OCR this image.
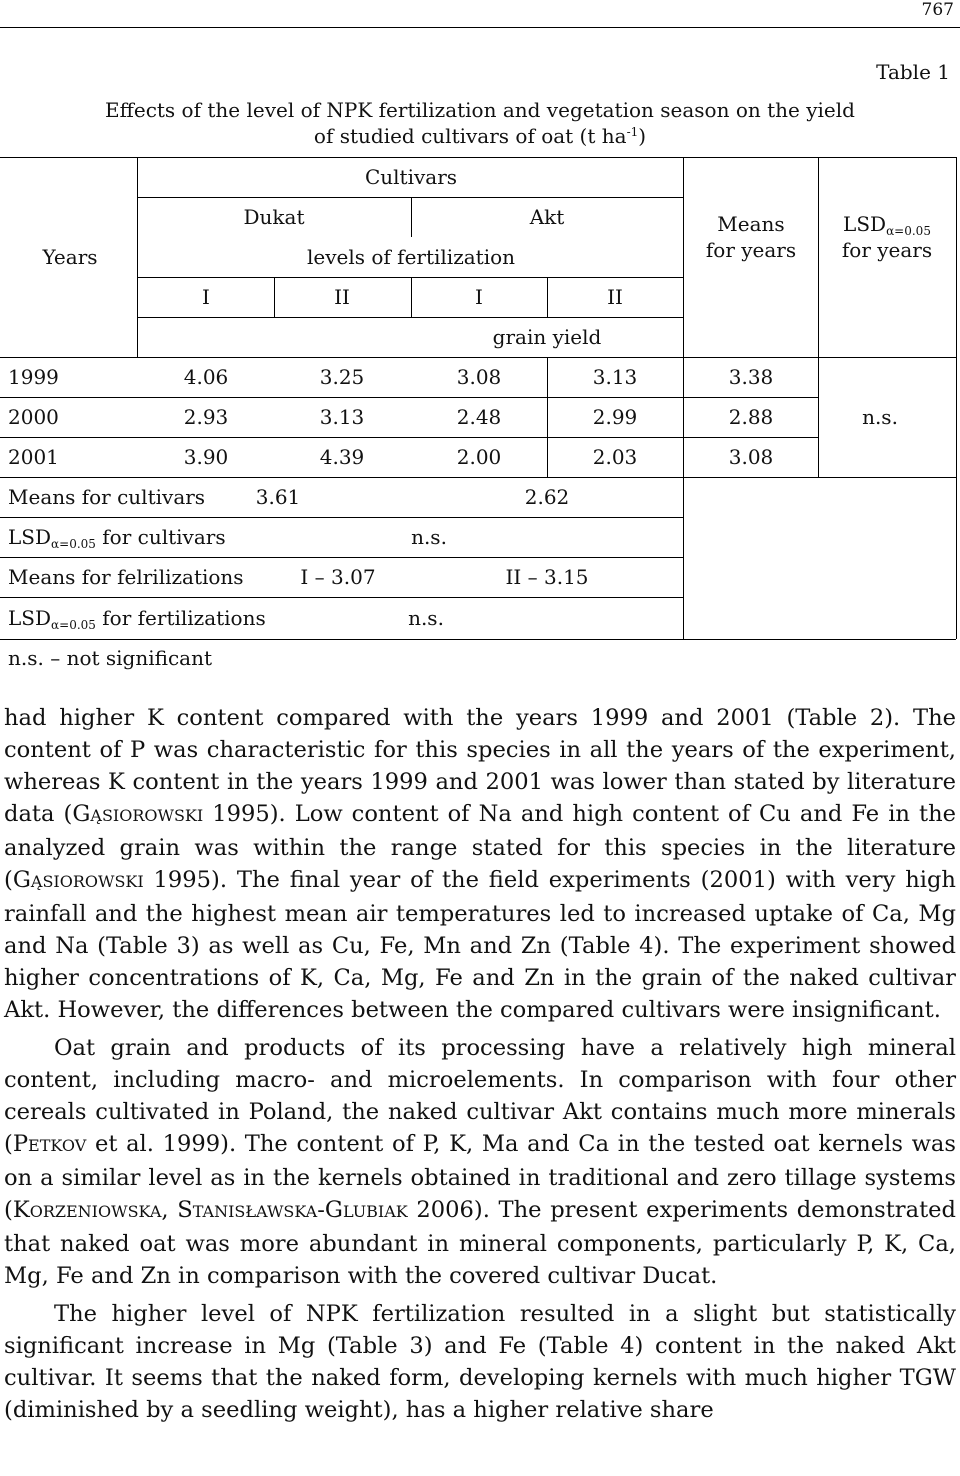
767
Table 1
Effects of the level of NPK fertilization and vegetation season on the yield
of studied cultivars of oat (t $ha^{-1}$)
Years
Cultivars
Dukat	Akt
levels of fertilization
Means
for years
$LSD_{\alpha=0.05}$
for years
I	II	I	II
grain yield
1999	4.06	3.25	3.08	3.13	3.38
2000	2.93	3.13	2.48	2.99	2.88
2001	3.90	4.39	2.00	2.03	3.08
n.s.
Means for cultivars	3.61	2.62
$LSD_{\alpha=0.05}$ for cultivars	n.s.
Means for felrilizations	I – 3.07	II – 3.15
$LSD_{\alpha=0.05}$ for fertilizations	n.s.
n.s. – not significant

had higher K content compared with the years 1999 and 2001 (Table 2). The content of P was characteristic for this species in all the years of the experiment, whereas K content in the years 1999 and 2001 was lower than stated by literature data (GĄSIOROWSKI 1995). Low content of Na and high content of Cu and Fe in the analyzed grain was within the range stated for this species in the literature (GĄSIOROWSKI 1995). The final year of the field experiments (2001) with very high rainfall and the highest mean air temperatures led to increased uptake of Ca, Mg and Na (Table 3) as well as Cu, Fe, Mn and Zn (Table 4). The experiment showed higher concentrations of K, Ca, Mg, Fe and Zn in the grain of the naked cultivar Akt. However, the differences between the compared cultivars were insignificant.

Oat grain and products of its processing have a relatively high mineral content, including macro- and microelements. In comparison with four other cereals cultivated in Poland, the naked cultivar Akt contains much more minerals (PETKOV et al. 1999). The content of P, K, Ma and Ca in the tested oat kernels was on a similar level as in the kernels obtained in traditional and zero tillage systems (KORZENIOWSKA, STANISŁAWSKA-GLUBIAK 2006). The present experiments demonstrated that naked oat was more abundant in mineral components, particularly P, K, Ca, Mg, Fe and Zn in comparison with the covered cultivar Ducat.

The higher level of NPK fertilization resulted in a slight but statistically significant increase in Mg (Table 3) and Fe (Table 4) content in the naked Akt cultivar. It seems that the naked form, developing kernels with much higher TGW (diminished by a seedling weight), has a higher relative share
